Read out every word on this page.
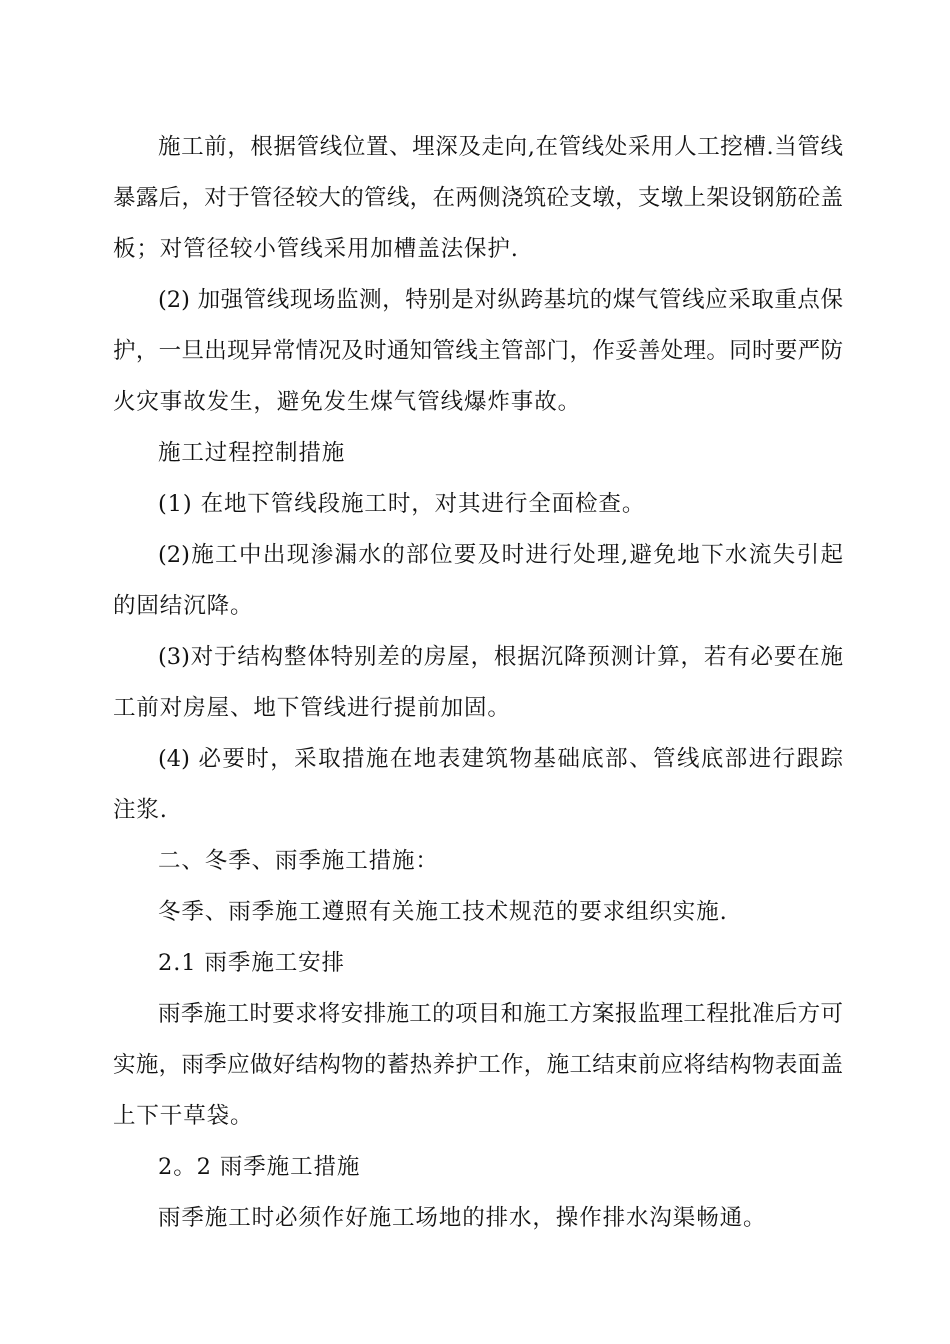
施工前，根据管线位置、埋深及走向,在管线处采用人工挖槽.当管线
暴露后，对于管径较大的管线，在两侧浇筑砼支墩，支墩上架设钢筋砼盖
板；对管径较小管线采用加槽盖法保护.
(2) 加强管线现场监测，特别是对纵跨基坑的煤气管线应采取重点保
护，一旦出现异常情况及时通知管线主管部门，作妥善处理。同时要严防
火灾事故发生，避免发生煤气管线爆炸事故。
施工过程控制措施
(1) 在地下管线段施工时，对其进行全面检查。
(2)施工中出现渗漏水的部位要及时进行处理,避免地下水流失引起
的固结沉降。
(3)对于结构整体特别差的房屋，根据沉降预测计算，若有必要在施
工前对房屋、地下管线进行提前加固。
(4) 必要时，采取措施在地表建筑物基础底部、管线底部进行跟踪
注浆.
二、冬季、雨季施工措施：
冬季、雨季施工遵照有关施工技术规范的要求组织实施.
2.1 雨季施工安排
雨季施工时要求将安排施工的项目和施工方案报监理工程批准后方可
实施，雨季应做好结构物的蓄热养护工作，施工结束前应将结构物表面盖
上下干草袋。
2。2 雨季施工措施
雨季施工时必须作好施工场地的排水，操作排水沟渠畅通。
